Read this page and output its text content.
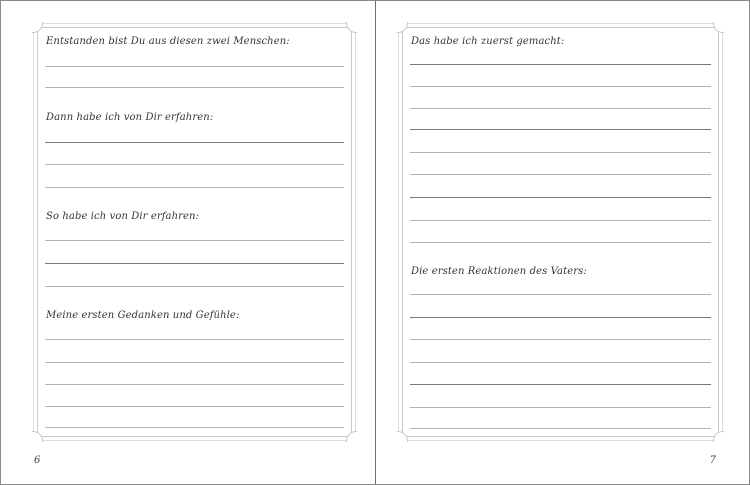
Entstanden bist Du aus diesen zwei Menschen:
Dann habe ich von Dir erfahren:
So habe ich von Dir erfahren:
Meine ersten Gedanken und Gefühle:
6
Das habe ich zuerst gemacht:
Die ersten Reaktionen des Vaters:
7
